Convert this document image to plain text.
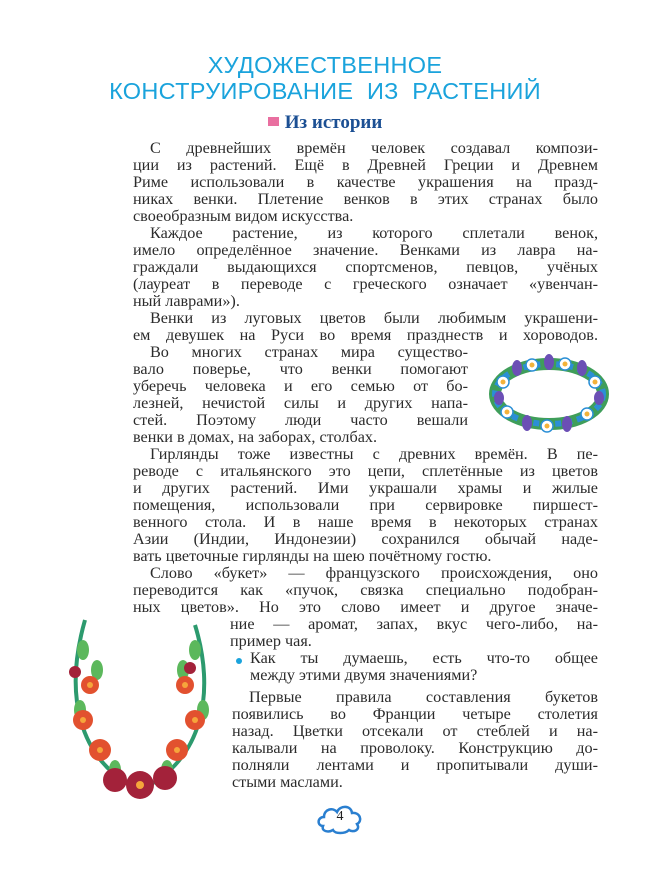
ХУДОЖЕСТВЕННОЕ
КОНСТРУИРОВАНИЕ  ИЗ  РАСТЕНИЙ
Из истории
С древнейших времён человек создавал компози-
ции из растений. Ещё в Древней Греции и Древнем
Риме использовали в качестве украшения на празд-
никах венки. Плетение венков в этих странах было
своеобразным видом искусства.
Каждое растение, из которого сплетали венок,
имело определённое значение. Венками из лавра на-
граждали выдающихся спортсменов, певцов, учёных
(лауреат в переводе с греческого означает «увенчан-
ный лаврами»).
Венки из луговых цветов были любимым украшени-
ем девушек на Руси во время празднеств и хороводов.
Во многих странах мира существо-
вало поверье, что венки помогают
уберечь человека и его семью от бо-
лезней, нечистой силы и других напа-
стей. Поэтому люди часто вешали
венки в домах, на заборах, столбах.
Гирлянды тоже известны с древних времён. В пе-
реводе с итальянского это цепи, сплетённые из цветов
и других растений. Ими украшали храмы и жилые
помещения, использовали при сервировке пиршест-
венного стола. И в наше время в некоторых странах
Азии (Индии, Индонезии) сохранился обычай наде-
вать цветочные гирлянды на шею почётному гостю.
Слово «букет» — французского происхождения, оно
переводится как «пучок, связка специально подобран-
ных цветов». Но это слово имеет и другое значе-
ние — аромат, запах, вкус чего-либо, на-
пример чая.
Как ты думаешь, есть что-то общее
между этими двумя значениями?
Первые правила составления букетов
появились во Франции четыре столетия
назад. Цветки отсекали от стеблей и на-
калывали на проволоку. Конструкцию до-
полняли лентами и пропитывали души-
стыми маслами.
4
